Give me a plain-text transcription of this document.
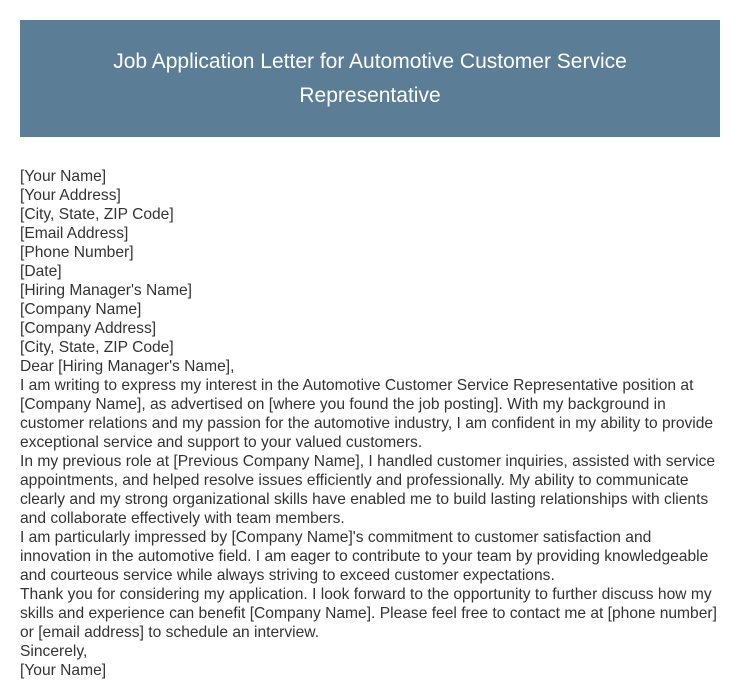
Job Application Letter for Automotive Customer Service Representative

[Your Name]

[Your Address]

[City, State, ZIP Code]

[Email Address]

[Phone Number]

[Date]

[Hiring Manager's Name]

[Company Name]

[Company Address]

[City, State, ZIP Code]

Dear [Hiring Manager's Name],

I am writing to express my interest in the Automotive Customer Service Representative position at [Company Name], as advertised on [where you found the job posting]. With my background in customer relations and my passion for the automotive industry, I am confident in my ability to provide exceptional service and support to your valued customers.

In my previous role at [Previous Company Name], I handled customer inquiries, assisted with service appointments, and helped resolve issues efficiently and professionally. My ability to communicate clearly and my strong organizational skills have enabled me to build lasting relationships with clients and collaborate effectively with team members.

I am particularly impressed by [Company Name]'s commitment to customer satisfaction and innovation in the automotive field. I am eager to contribute to your team by providing knowledgeable and courteous service while always striving to exceed customer expectations.

Thank you for considering my application. I look forward to the opportunity to further discuss how my skills and experience can benefit [Company Name]. Please feel free to contact me at [phone number] or [email address] to schedule an interview.

Sincerely,

[Your Name]
